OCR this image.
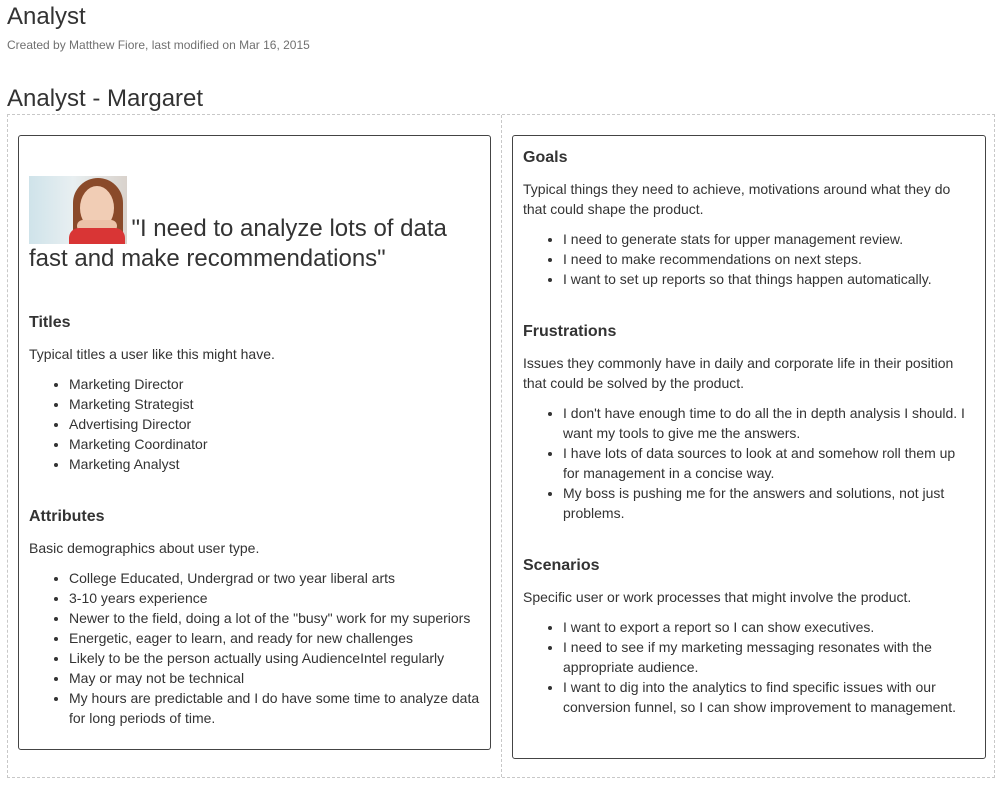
Analyst
Created by Matthew Fiore, last modified on Mar 16, 2015
Analyst - Margaret
"I need to analyze lots of data fast and make recommendations"
Titles

Typical titles a user like this might have.

• Marketing Director
• Marketing Strategist
• Advertising Director
• Marketing Coordinator
• Marketing Analyst
Attributes

Basic demographics about user type.

• College Educated, Undergrad or two year liberal arts
• 3-10 years experience
• Newer to the field, doing a lot of the "busy" work for my superiors
• Energetic, eager to learn, and ready for new challenges
• Likely to be the person actually using AudienceIntel regularly
• May or may not be technical
• My hours are predictable and I do have some time to analyze data for long periods of time.
Goals

Typical things they need to achieve, motivations around what they do that could shape the product.

• I need to generate stats for upper management review.
• I need to make recommendations on next steps.
• I want to set up reports so that things happen automatically.
Frustrations

Issues they commonly have in daily and corporate life in their position that could be solved by the product.

• I don't have enough time to do all the in depth analysis I should. I want my tools to give me the answers.
• I have lots of data sources to look at and somehow roll them up for management in a concise way.
• My boss is pushing me for the answers and solutions, not just problems.
Scenarios

Specific user or work processes that might involve the product.

• I want to export a report so I can show executives.
• I need to see if my marketing messaging resonates with the appropriate audience.
• I want to dig into the analytics to find specific issues with our conversion funnel, so I can show improvement to management.
